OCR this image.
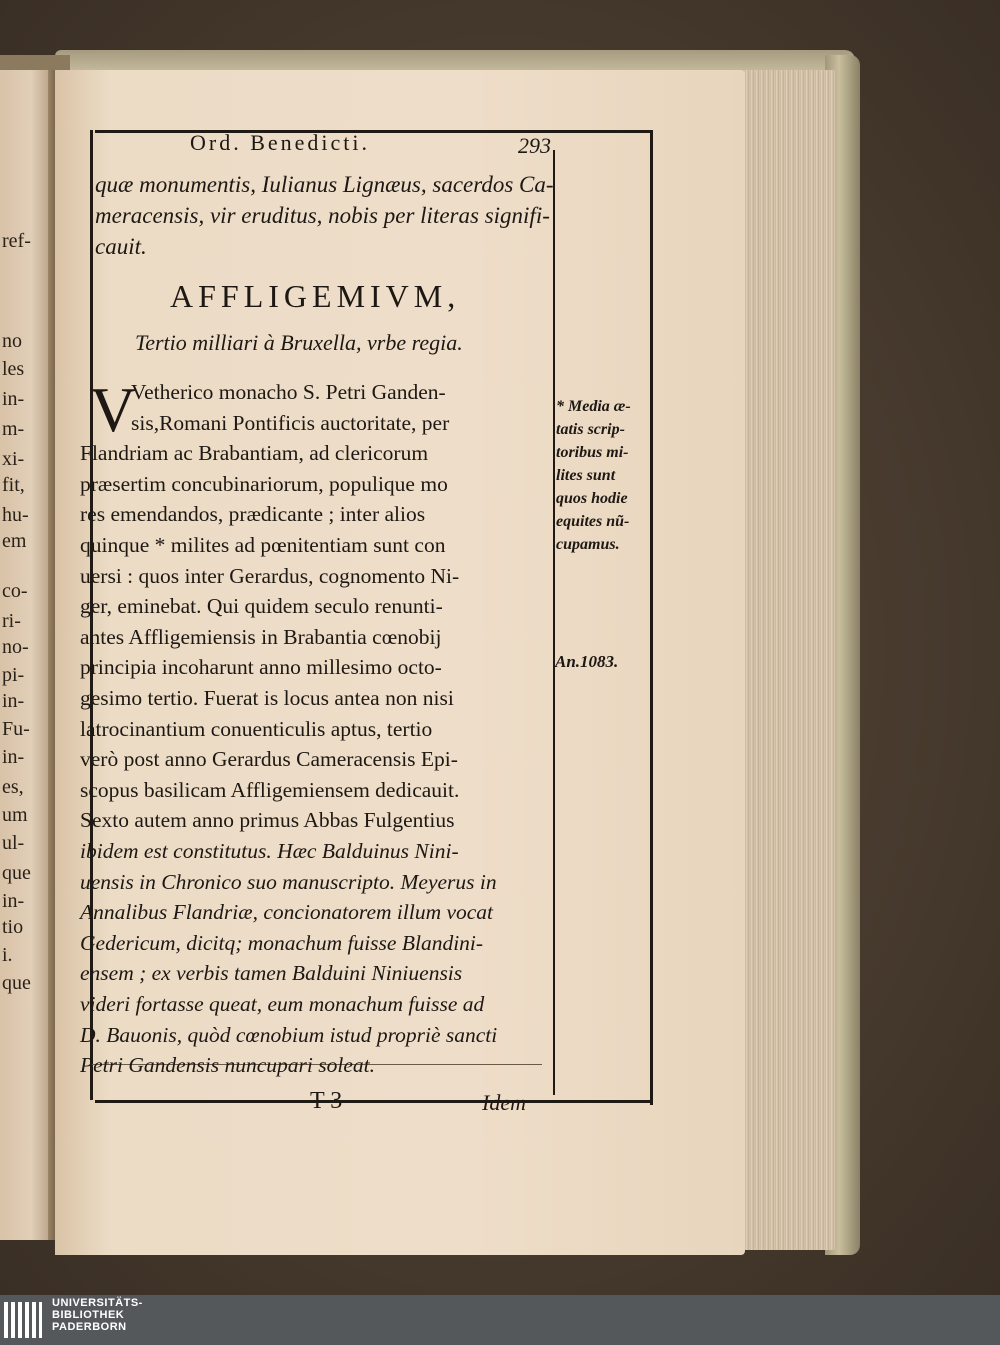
ref-
no
les
in-
m-
xi-
fit,
hu-
em
co-
ri-
no-
pi-
in-
Fu-
in-
es,
um
ul-
que
in-
tio
i.
que
Ord. Benedicti.	293
quæ monumentis, Iulianus Lignæus, sacerdos Ca-
meracensis, vir eruditus, nobis per literas signifi-
cauit.
AFFLIGEMIVM,
Tertio milliari à Bruxella, vrbe regia.
V
Vetherico monacho S. Petri Ganden-
sis,Romani Pontificis auctoritate, per
Flandriam ac Brabantiam, ad clericorum
præsertim concubinariorum, populique mo
res emendandos, prædicante ; inter alios
quinque * milites ad pœnitentiam sunt con
uersi : quos inter Gerardus, cognomento Ni-
ger, eminebat. Qui quidem seculo renunti-
antes Affligemiensis in Brabantia cœnobij
principia incoharunt anno millesimo octo-
gesimo tertio. Fuerat is locus antea non nisi
latrocinantium conuenticulis aptus, tertio
verò post anno Gerardus Cameracensis Epi-
scopus basilicam Affligemiensem dedicauit.
Sexto autem anno primus Abbas Fulgentius
ibidem est constitutus. Hæc Balduinus Nini-
uensis in Chronico suo manuscripto. Meyerus in
Annalibus Flandriæ, concionatorem illum vocat
Gedericum, dicitq; monachum fuisse Blandini-
ensem ; ex verbis tamen Balduini Niniuensis
videri fortasse queat, eum monachum fuisse ad
D. Bauonis, quòd cœnobium istud propriè sancti
Petri Gandensis nuncupari soleat.
* Media æ-
tatis scrip-
toribus mi-
lites sunt
quos hodie
equites nũ-
cupamus.
An.1083.
T 3	Idem
UNIVERSITÄTS-
BIBLIOTHEK
PADERBORN
